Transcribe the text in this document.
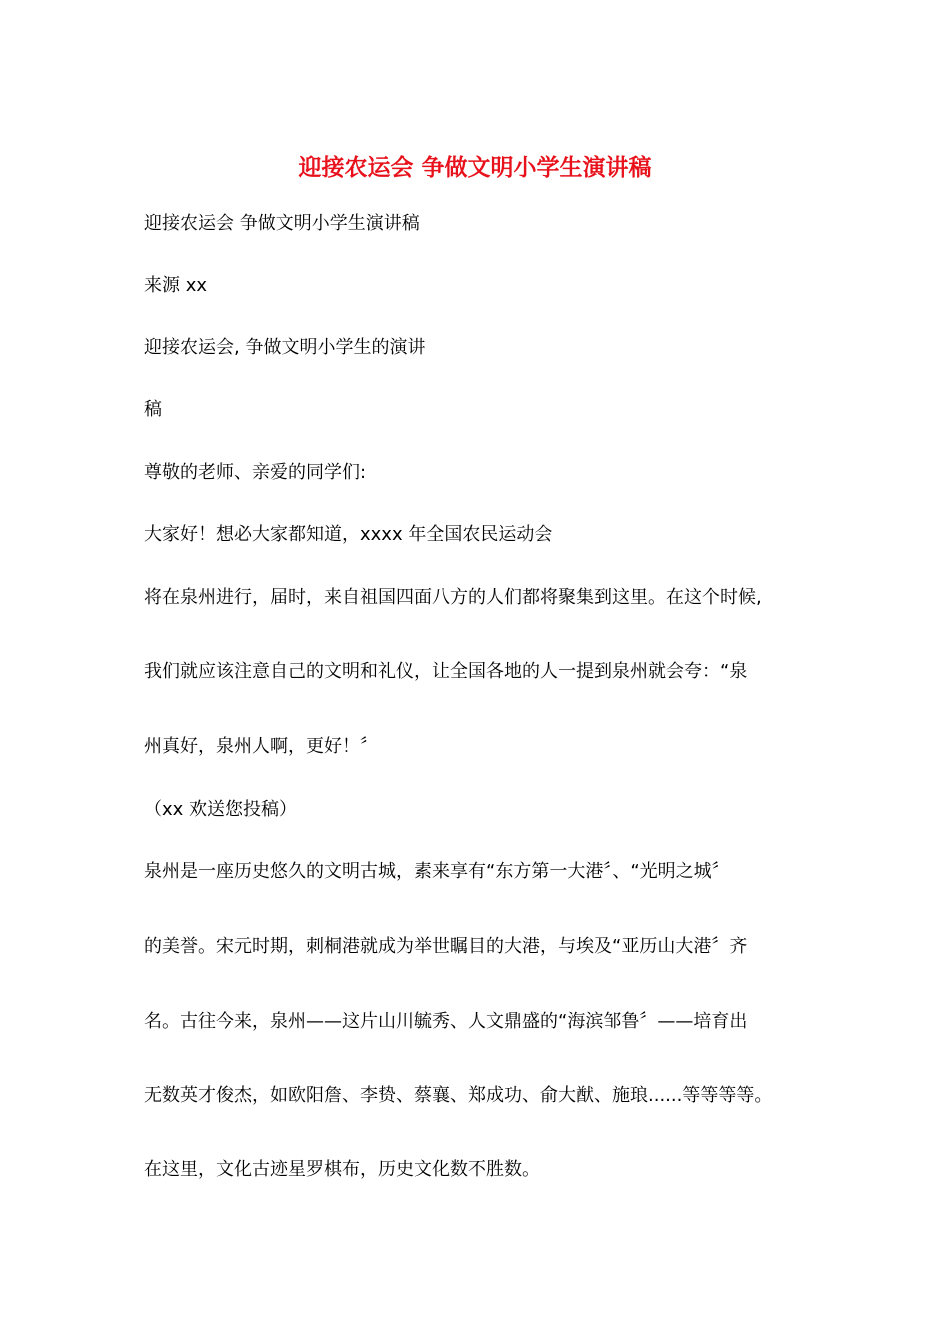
迎接农运会 争做文明小学生演讲稿

迎接农运会 争做文明小学生演讲稿

来源 xx

迎接农运会, 争做文明小学生的演讲

稿

尊敬的老师、亲爱的同学们:

大家好！想必大家都知道，xxxx 年全国农民运动会

将在泉州进行，届时，来自祖国四面八方的人们都将聚集到这里。在这个时候,

我们就应该注意自己的文明和礼仪，让全国各地的人一提到泉州就会夸：“泉

州真好，泉州人啊，更好！〞

（xx 欢送您投稿）

泉州是一座历史悠久的文明古城，素来享有“东方第一大港〞、“光明之城〞

的美誉。宋元时期，刺桐港就成为举世瞩目的大港，与埃及“亚历山大港〞齐

名。古往今来，泉州——这片山川毓秀、人文鼎盛的“海滨邹鲁〞——培育出

无数英才俊杰，如欧阳詹、李贽、蔡襄、郑成功、俞大猷、施琅......等等等等。

在这里，文化古迹星罗棋布，历史文化数不胜数。
